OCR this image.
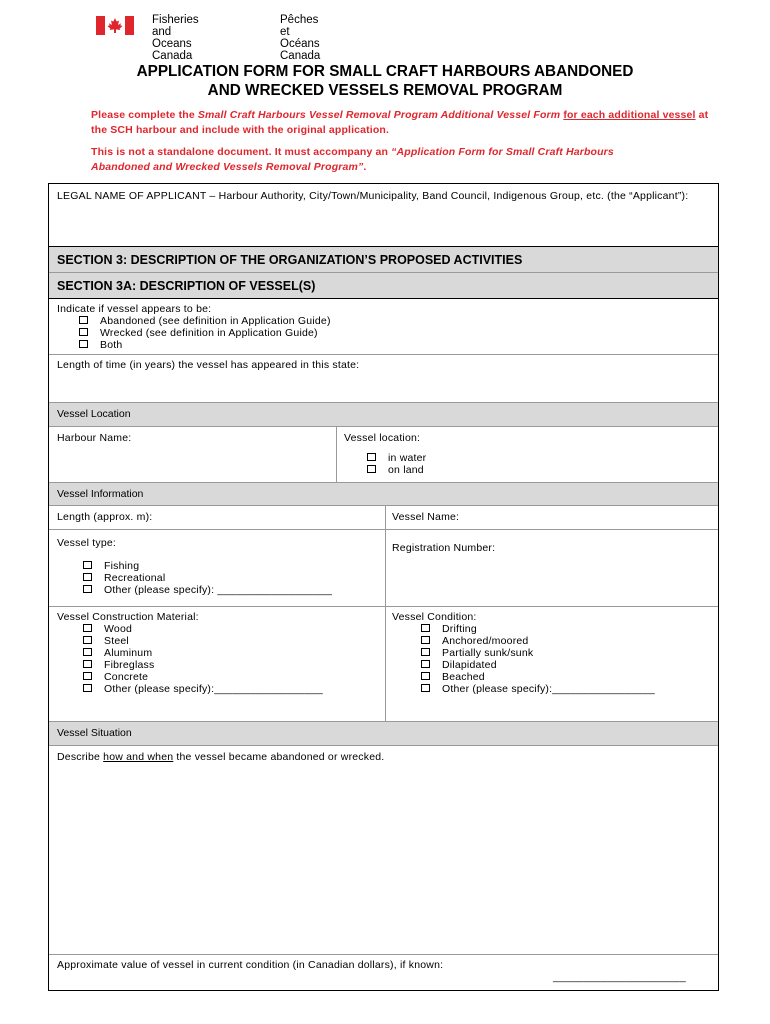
Fisheries and Oceans
Canada
Pêches et Océans
Canada
APPLICATION FORM FOR SMALL CRAFT HARBOURS ABANDONED
AND WRECKED VESSELS REMOVAL PROGRAM
Please complete the Small Craft Harbours Vessel Removal Program Additional Vessel Form for each additional vessel at the SCH harbour and include with the original application.
This is not a standalone document. It must accompany an “Application Form for Small Craft Harbours Abandoned and Wrecked Vessels Removal Program”.
LEGAL NAME OF APPLICANT – Harbour Authority, City/Town/Municipality, Band Council, Indigenous Group, etc. (the “Applicant”):
SECTION 3: DESCRIPTION OF THE ORGANIZATION’S PROPOSED ACTIVITIES
SECTION 3A: DESCRIPTION OF VESSEL(S)
Indicate if vessel appears to be:
Abandoned (see definition in Application Guide)
Wrecked (see definition in Application Guide)
Both
Length of time (in years) the vessel has appeared in this state:
Vessel Location
Harbour Name:	Vessel location:
in water
on land
Vessel Information
Length (approx. m):	Vessel Name:
Vessel type:
Fishing
Recreational
Other (please specify): ___________________
Registration Number:
Vessel Construction Material:
Wood
Steel
Aluminum
Fibreglass
Concrete
Other (please specify):__________________
Vessel Condition:
Drifting
Anchored/moored
Partially sunk/sunk
Dilapidated
Beached
Other (please specify):_________________
Vessel Situation
Describe how and when the vessel became abandoned or wrecked.
Approximate value of vessel in current condition (in Canadian dollars), if known:
______________________
